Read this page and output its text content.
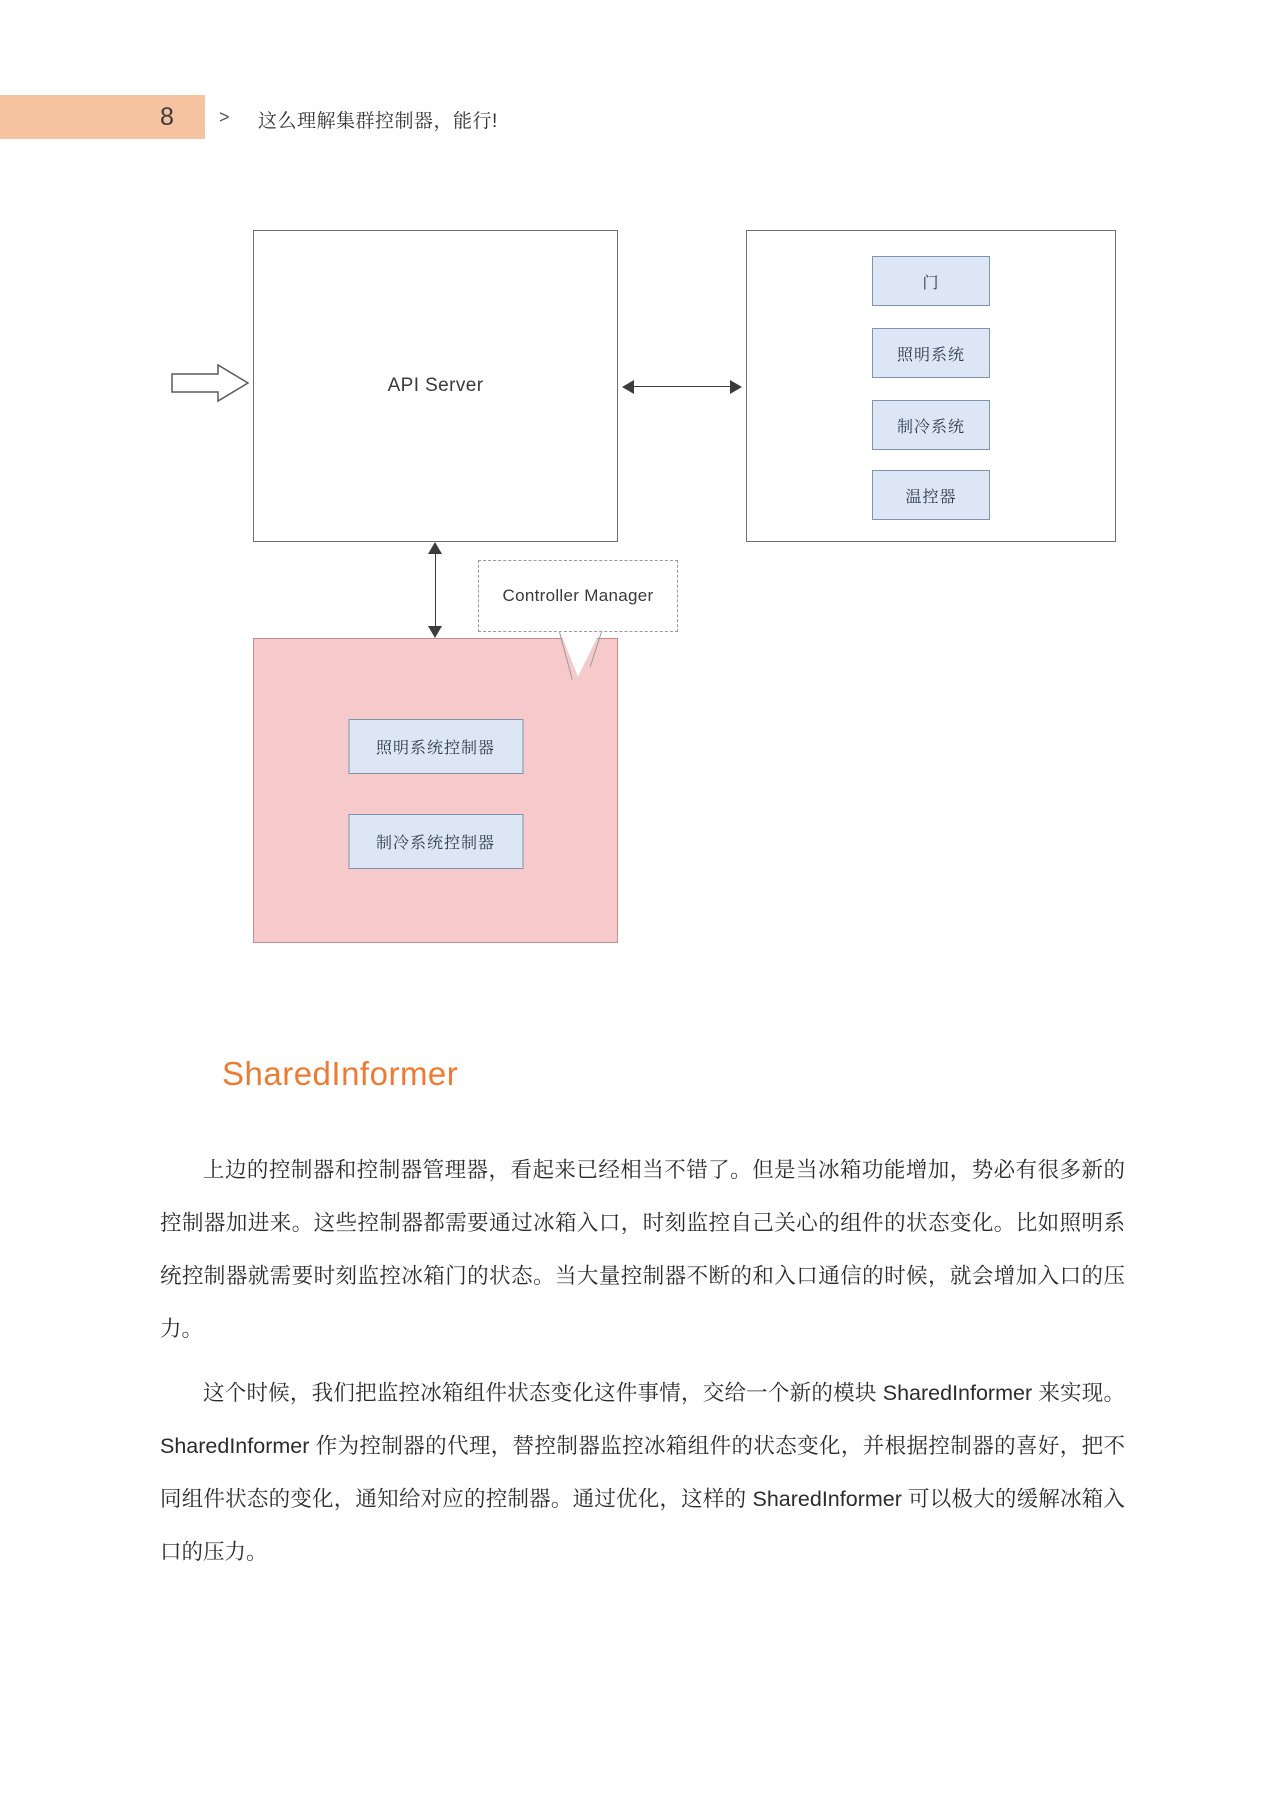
8 > 这么理解集群控制器，能行!
API Server
门
照明系统
制冷系统
温控器
照明系统控制器
制冷系统控制器
Controller Manager
SharedInformer

上边的控制器和控制器管理器，看起来已经相当不错了。但是当冰箱功能增加，势必有很多新的控制器加进来。这些控制器都需要通过冰箱入口，时刻监控自己关心的组件的状态变化。比如照明系统控制器就需要时刻监控冰箱门的状态。当大量控制器不断的和入口通信的时候，就会增加入口的压力。

这个时候，我们把监控冰箱组件状态变化这件事情，交给一个新的模块 SharedInformer 来实现。SharedInformer 作为控制器的代理，替控制器监控冰箱组件的状态变化，并根据控制器的喜好，把不同组件状态的变化，通知给对应的控制器。通过优化，这样的 SharedInformer 可以极大的缓解冰箱入口的压力。
